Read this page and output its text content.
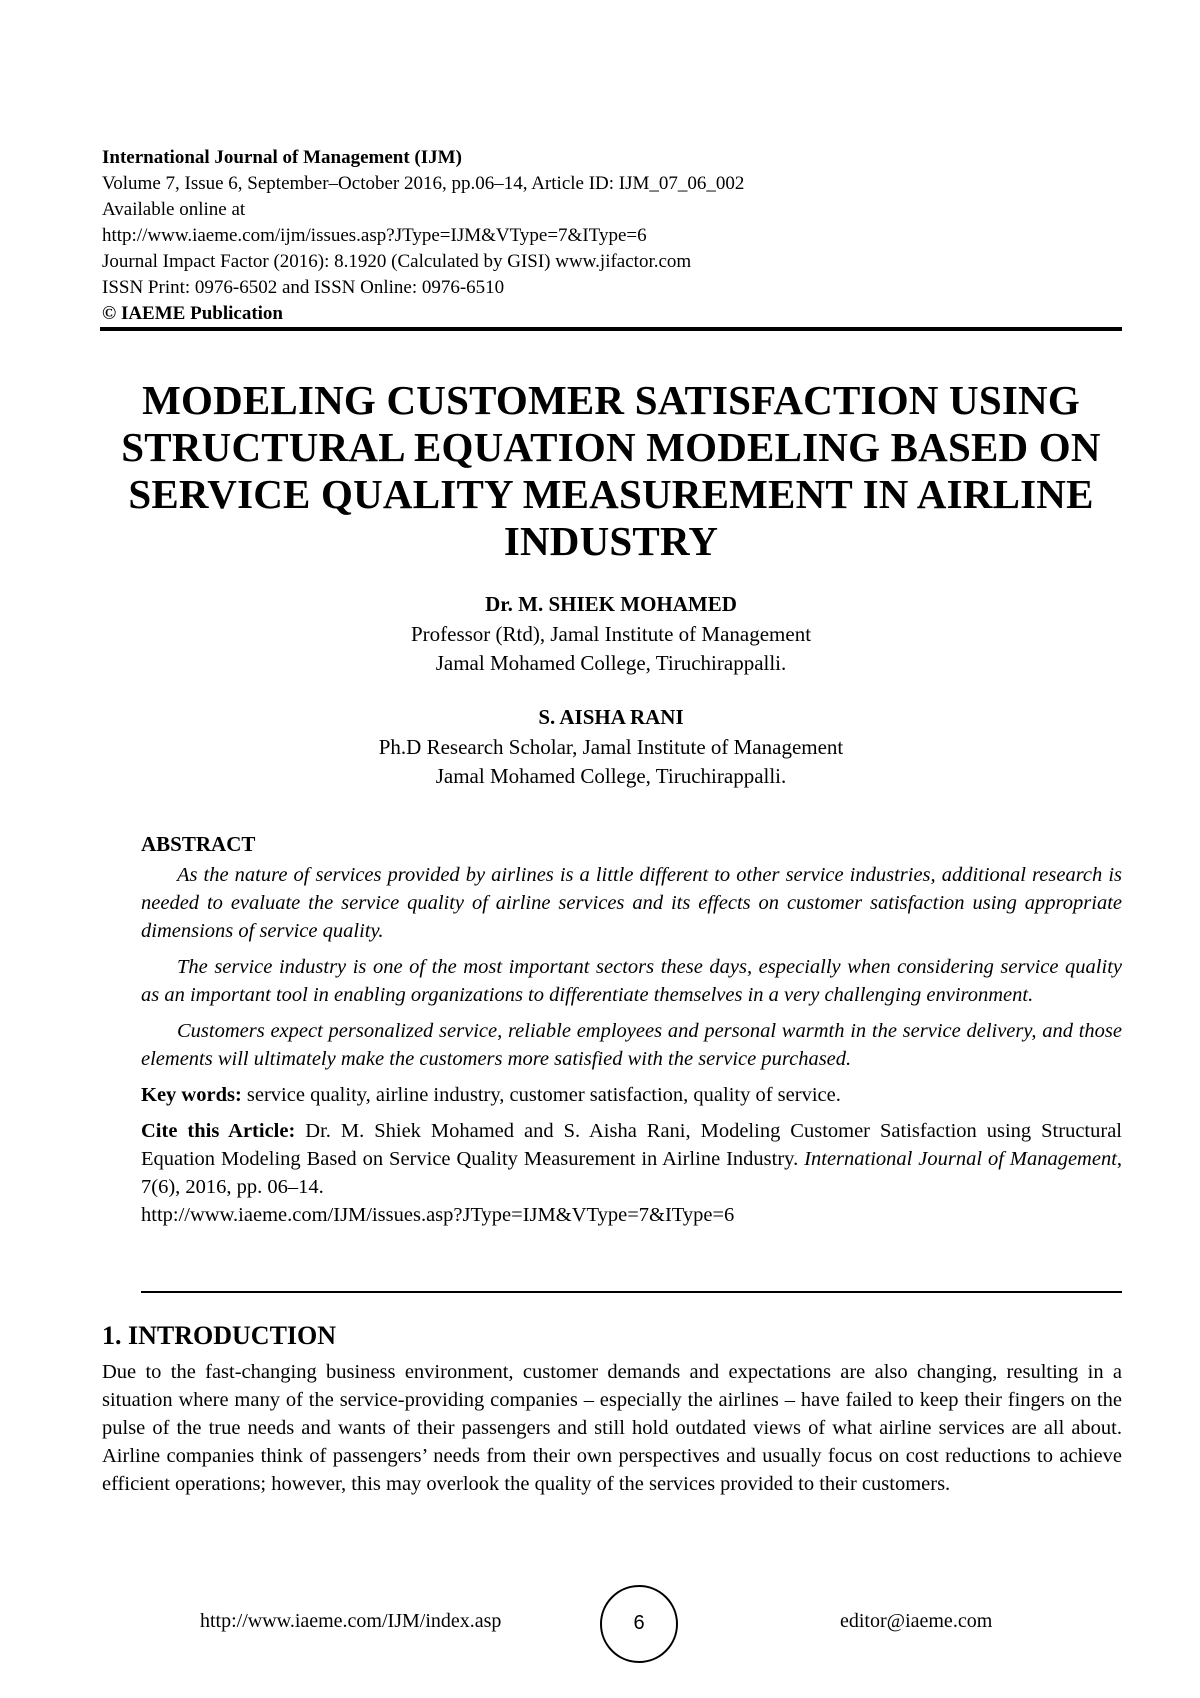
International Journal of Management (IJM)
Volume 7, Issue 6, September–October 2016, pp.06–14, Article ID: IJM_07_06_002
Available online at
http://www.iaeme.com/ijm/issues.asp?JType=IJM&VType=7&IType=6
Journal Impact Factor (2016): 8.1920 (Calculated by GISI) www.jifactor.com
ISSN Print: 0976-6502 and ISSN Online: 0976-6510
© IAEME Publication
MODELING CUSTOMER SATISFACTION USING
STRUCTURAL EQUATION MODELING BASED ON
SERVICE QUALITY MEASUREMENT IN AIRLINE
INDUSTRY
Dr. M. SHIEK MOHAMED
Professor (Rtd), Jamal Institute of Management
Jamal Mohamed College, Tiruchirappalli.
S. AISHA RANI
Ph.D Research Scholar, Jamal Institute of Management
Jamal Mohamed College, Tiruchirappalli.
ABSTRACT

As the nature of services provided by airlines is a little different to other service industries, additional research is needed to evaluate the service quality of airline services and its effects on customer satisfaction using appropriate dimensions of service quality.

The service industry is one of the most important sectors these days, especially when considering service quality as an important tool in enabling organizations to differentiate themselves in a very challenging environment.

Customers expect personalized service, reliable employees and personal warmth in the service delivery, and those elements will ultimately make the customers more satisfied with the service purchased.

Key words: service quality, airline industry, customer satisfaction, quality of service.

Cite this Article: Dr. M. Shiek Mohamed and S. Aisha Rani, Modeling Customer Satisfaction using Structural Equation Modeling Based on Service Quality Measurement in Airline Industry. International Journal of Management, 7(6), 2016, pp. 06–14.
http://www.iaeme.com/IJM/issues.asp?JType=IJM&VType=7&IType=6

1. INTRODUCTION

Due to the fast-changing business environment, customer demands and expectations are also changing, resulting in a situation where many of the service-providing companies – especially the airlines – have failed to keep their fingers on the pulse of the true needs and wants of their passengers and still hold outdated views of what airline services are all about. Airline companies think of passengers’ needs from their own perspectives and usually focus on cost reductions to achieve efficient operations; however, this may overlook the quality of the services provided to their customers.

http://www.iaeme.com/IJM/index.asp	6	editor@iaeme.com
